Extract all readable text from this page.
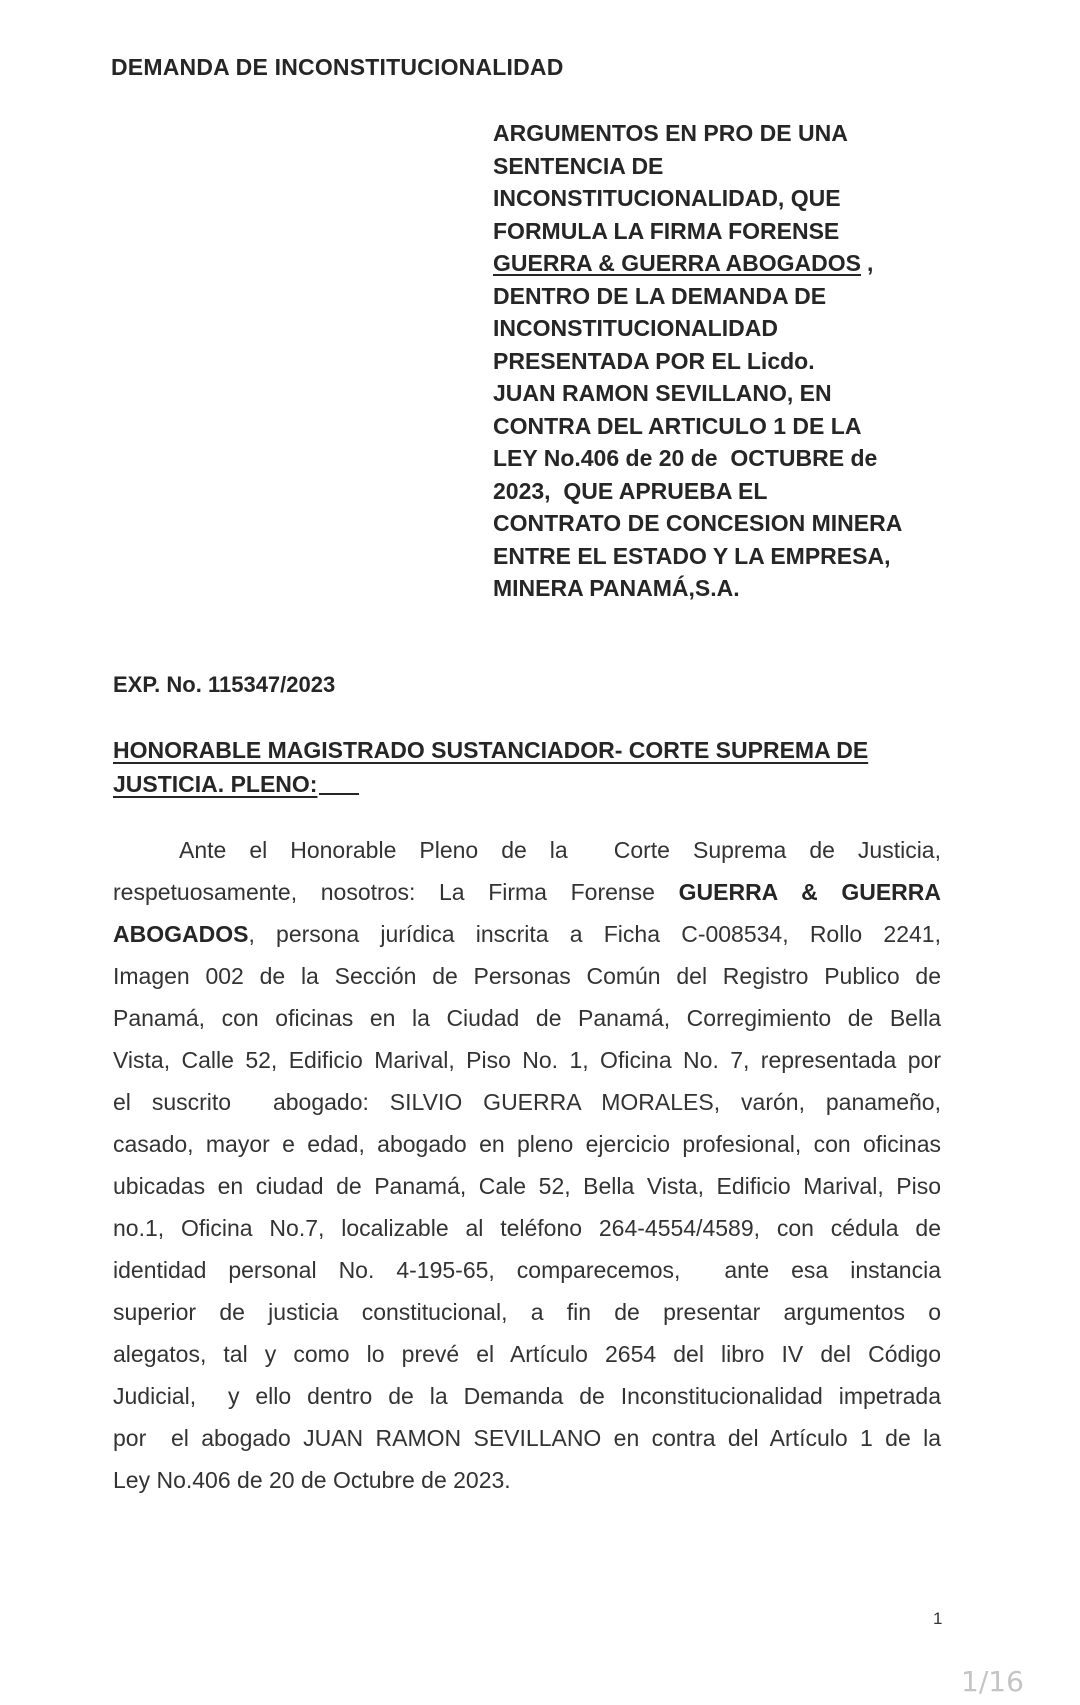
DEMANDA DE INCONSTITUCIONALIDAD
ARGUMENTOS EN PRO DE UNA
SENTENCIA DE
INCONSTITUCIONALIDAD, QUE
FORMULA LA FIRMA FORENSE
GUERRA & GUERRA ABOGADOS ,
DENTRO DE LA DEMANDA DE
INCONSTITUCIONALIDAD
PRESENTADA POR EL Licdo.
JUAN RAMON SEVILLANO, EN
CONTRA DEL ARTICULO 1 DE LA
LEY No.406 de 20 de  OCTUBRE de
2023,  QUE APRUEBA EL
CONTRATO DE CONCESION MINERA
ENTRE EL ESTADO Y LA EMPRESA,
MINERA PANAMÁ,S.A.
EXP. No. 115347/2023
HONORABLE MAGISTRADO SUSTANCIADOR- CORTE SUPREMA DE
JUSTICIA. PLENO:
Ante el Honorable Pleno de la  Corte Suprema de Justicia,
respetuosamente, nosotros: La Firma Forense GUERRA & GUERRA
ABOGADOS, persona jurídica inscrita a Ficha C-008534, Rollo 2241,
Imagen 002 de la Sección de Personas Común del Registro Publico de
Panamá, con oficinas en la Ciudad de Panamá, Corregimiento de Bella
Vista, Calle 52, Edificio Marival, Piso No. 1, Oficina No. 7, representada por
el suscrito  abogado: SILVIO GUERRA MORALES, varón, panameño,
casado, mayor e edad, abogado en pleno ejercicio profesional, con oficinas
ubicadas en ciudad de Panamá, Cale 52, Bella Vista, Edificio Marival, Piso
no.1, Oficina No.7, localizable al teléfono 264-4554/4589, con cédula de
identidad personal No. 4-195-65, comparecemos,  ante esa instancia
superior de justicia constitucional, a fin de presentar argumentos o
alegatos, tal y como lo prevé el Artículo 2654 del libro IV del Código
Judicial,  y ello dentro de la Demanda de Inconstitucionalidad impetrada
por  el abogado JUAN RAMON SEVILLANO en contra del Artículo 1 de la
Ley No.406 de 20 de Octubre de 2023.
1
1/16
